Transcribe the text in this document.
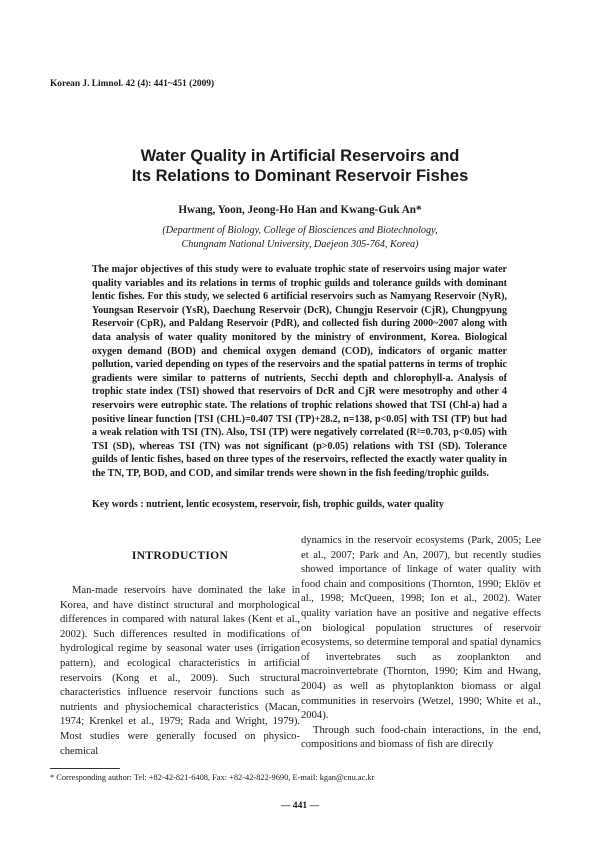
Korean J. Limnol. 42 (4): 441~451 (2009)
Water Quality in Artificial Reservoirs and
Its Relations to Dominant Reservoir Fishes
Hwang, Yoon, Jeong-Ho Han and Kwang-Guk An*
(Department of Biology, College of Biosciences and Biotechnology,
Chungnam National University, Daejeon 305-764, Korea)

The major objectives of this study were to evaluate trophic state of reservoirs using major water quality variables and its relations in terms of trophic guilds and tolerance guilds with dominant lentic fishes. For this study, we selected 6 artificial reservoirs such as Namyang Reservoir (NyR), Youngsan Reservoir (YsR), Daechung Reservoir (DcR), Chungju Reservoir (CjR), Chungpyung Reservoir (CpR), and Paldang Reservoir (PdR), and collected fish during 2000~2007 along with data analysis of water quality monitored by the ministry of environment, Korea. Biological oxygen demand (BOD) and chemical oxygen demand (COD), indicators of organic matter pollution, varied depending on types of the reservoirs and the spatial patterns in terms of trophic gradients were similar to patterns of nutrients, Secchi depth and chlorophyll-a. Analysis of trophic state index (TSI) showed that reservoirs of DcR and CjR were mesotrophy and other 4 reservoirs were eutrophic state. The relations of trophic relations showed that TSI (Chl-a) had a positive linear function [TSI (CHL)=0.407 TSI (TP)+28.2, n=138, p<0.05] with TSI (TP) but had a weak relation with TSI (TN). Also, TSI (TP) were negatively correlated (R²=0.703, p<0.05) with TSI (SD), whereas TSI (TN) was not significant (p>0.05) relations with TSI (SD). Tolerance guilds of lentic fishes, based on three types of the reservoirs, reflected the exactly water quality in the TN, TP, BOD, and COD, and similar trends were shown in the fish feeding/trophic guilds.

Key words : nutrient, lentic ecosystem, reservoir, fish, trophic guilds, water quality
INTRODUCTION

Man-made reservoirs have dominated the lake in Korea, and have distinct structural and morphological differences in compared with natural lakes (Kent et al., 2002). Such differences resulted in modifications of hydrological regime by seasonal water uses (irrigation pattern), and ecological characteristics in artificial reservoirs (Kong et al., 2009). Such structural characteristics influence reservoir functions such as nutrients and physiochemical characteristics (Macan, 1974; Krenkel et al., 1979; Rada and Wright, 1979). Most studies were generally focused on physico-chemical

dynamics in the reservoir ecosystems (Park, 2005; Lee et al., 2007; Park and An, 2007), but recently studies showed importance of linkage of water quality with food chain and compositions (Thornton, 1990; Eklöv et al., 1998; McQueen, 1998; Ion et al., 2002). Water quality variation have an positive and negative effects on biological population structures of reservoir ecosystems, so determine temporal and spatial dynamics of invertebrates such as zooplankton and macroinvertebrate (Thornton, 1990; Kim and Hwang, 2004) as well as phytoplankton biomass or algal communities in reservoirs (Wetzel, 1990; White et al., 2004).

Through such food-chain interactions, in the end, compositions and biomass of fish are directly

* Corresponding author: Tel: +82-42-821-6408, Fax: +82-42-822-9690, E-mail: kgan@cnu.ac.kr
— 441 —
